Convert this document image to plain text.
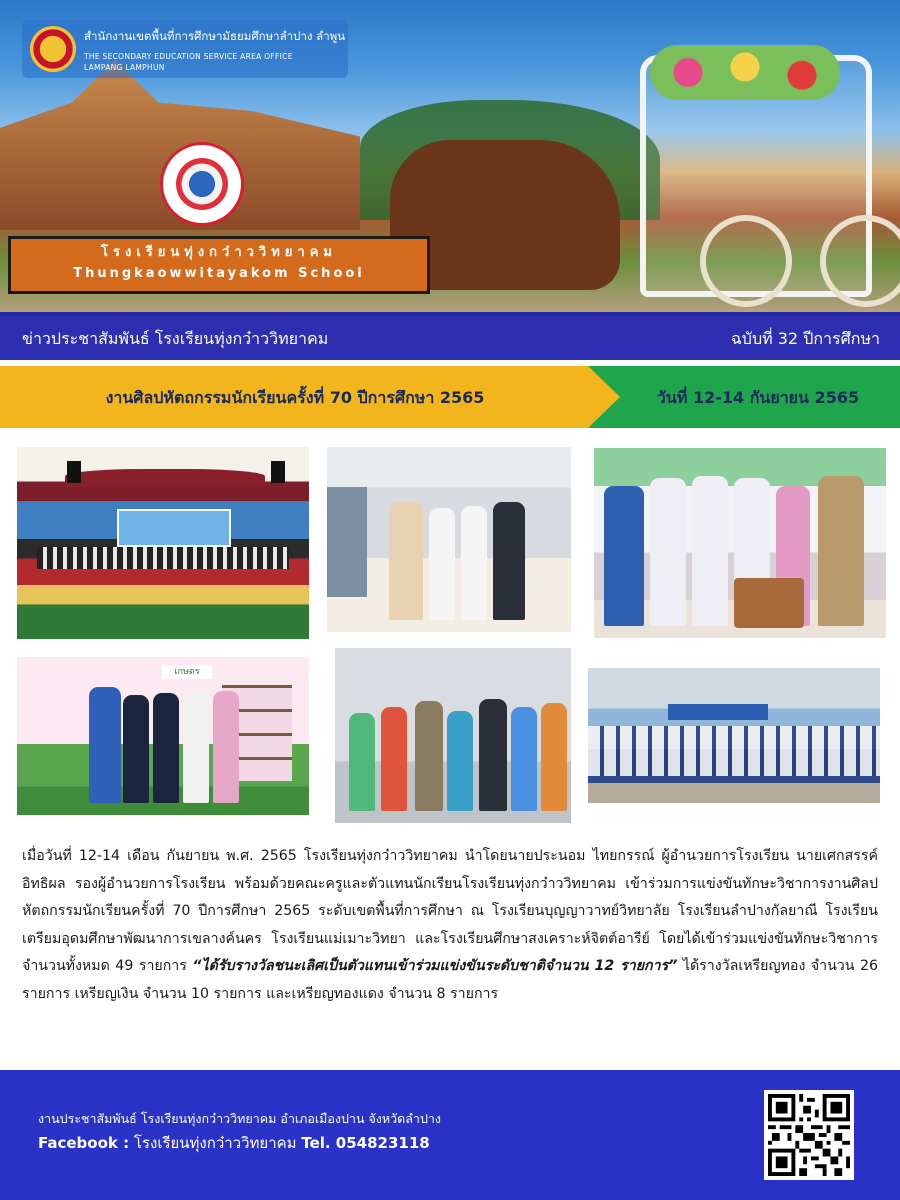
สำนักงานเขตพื้นที่การศึกษามัธยมศึกษาลำปาง ลำพูน
THE SECONDARY EDUCATION SERVICE AREA OFFICE
LAMPANG LAMPHUN
โรงเรียนทุ่งกว๋าววิทยาคม
Thungkaowwitayakom School
ข่าวประชาสัมพันธ์ โรงเรียนทุ่งกว๋าววิทยาคม	ฉบับที่ 32 ปีการศึกษา
งานศิลปหัตถกรรมนักเรียนครั้งที่ 70 ปีการศึกษา 2565	วันที่ 12-14 กันยายน 2565
เกษตร
เมื่อวันที่ 12-14 เดือน กันยายน พ.ศ. 2565 โรงเรียนทุ่งกว๋าววิทยาคม นำโดยนายประนอม ไทยกรรณ์ ผู้อำนวยการโรงเรียน นายเศกสรรค์ อิทธิผล รองผู้อำนวยการโรงเรียน พร้อมด้วยคณะครูและตัวแทนนักเรียนโรงเรียนทุ่งกว๋าววิทยาคม เข้าร่วมการแข่งขันทักษะวิชาการงานศิลปหัตถกรรมนักเรียนครั้งที่ 70 ปีการศึกษา 2565 ระดับเขตพื้นที่การศึกษา ณ โรงเรียนบุญญาวาทย์วิทยาลัย โรงเรียนลำปางกัลยาณี โรงเรียนเตรียมอุดมศึกษาพัฒนาการเขลางค์นคร โรงเรียนแม่เมาะวิทยา และโรงเรียนศึกษาสงเคราะห์จิตต์อารีย์ โดยได้เข้าร่วมแข่งขันทักษะวิชาการจำนวนทั้งหมด 49 รายการ “ได้รับรางวัลชนะเลิศเป็นตัวแทนเข้าร่วมแข่งขันระดับชาติจำนวน 12 รายการ” ได้รางวัลเหรียญทอง จำนวน 26 รายการ เหรียญเงิน จำนวน 10 รายการ และเหรียญทองแดง จำนวน 8 รายการ
งานประชาสัมพันธ์ โรงเรียนทุ่งกว๋าววิทยาคม อำเภอเมืองปาน จังหวัดลำปาง
Facebook : โรงเรียนทุ่งกว๋าววิทยาคม Tel. 054823118
